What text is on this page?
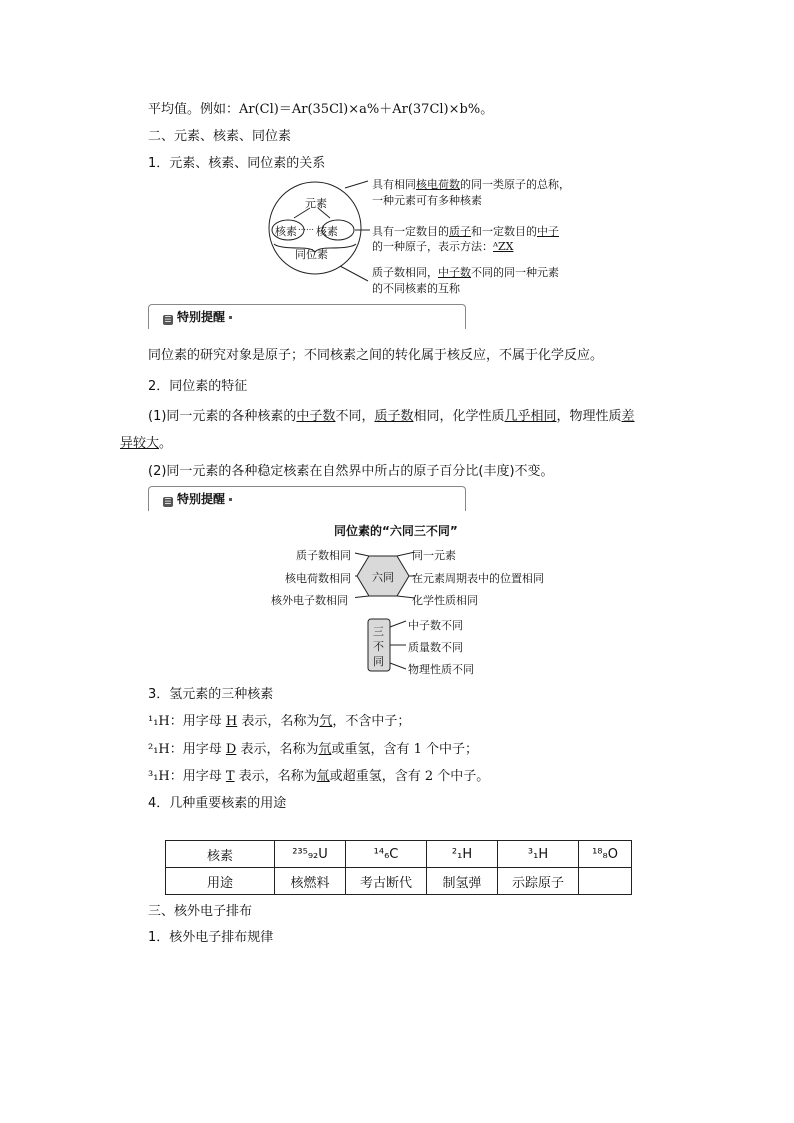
平均值。例如：Ar(Cl)＝Ar(35Cl)×a%＋Ar(37Cl)×b%。
二、元素、核素、同位素
1．元素、核素、同位素的关系
元素
核素 核素
……
同位素
具有相同核电荷数的同一类原子的总称，
一种元素可有多种核素
具有一定数目的质子和一定数目的中子
的一种原子，表示方法：ᴬZX
质子数相同，中子数不同的同一种元素
的不同核素的互称
☰ 特别提醒
同位素的研究对象是原子；不同核素之间的转化属于核反应，不属于化学反应。
2．同位素的特征
(1)同一元素的各种核素的中子数不同，质子数相同，化学性质几乎相同，物理性质差
异较大。
(2)同一元素的各种稳定核素在自然界中所占的原子百分比(丰度)不变。
☰ 特别提醒
同位素的“六同三不同”
六同
质子数相同
核电荷数相同
核外电子数相同
同一元素
在元素周期表中的位置相同
化学性质相同
三
不
同
中子数不同
质量数不同
物理性质不同
3．氢元素的三种核素
¹₁H：用字母 H 表示，名称为氕，不含中子；
²₁H：用字母 D 表示，名称为氘或重氢，含有 1 个中子；
³₁H：用字母 T 表示，名称为氚或超重氢，含有 2 个中子。
4．几种重要核素的用途
核素	²³⁵₉₂U	¹⁴₆C	²₁H	³₁H	¹⁸₈O
用途	核燃料	考古断代	制氢弹	示踪原子	
三、核外电子排布
1．核外电子排布规律
